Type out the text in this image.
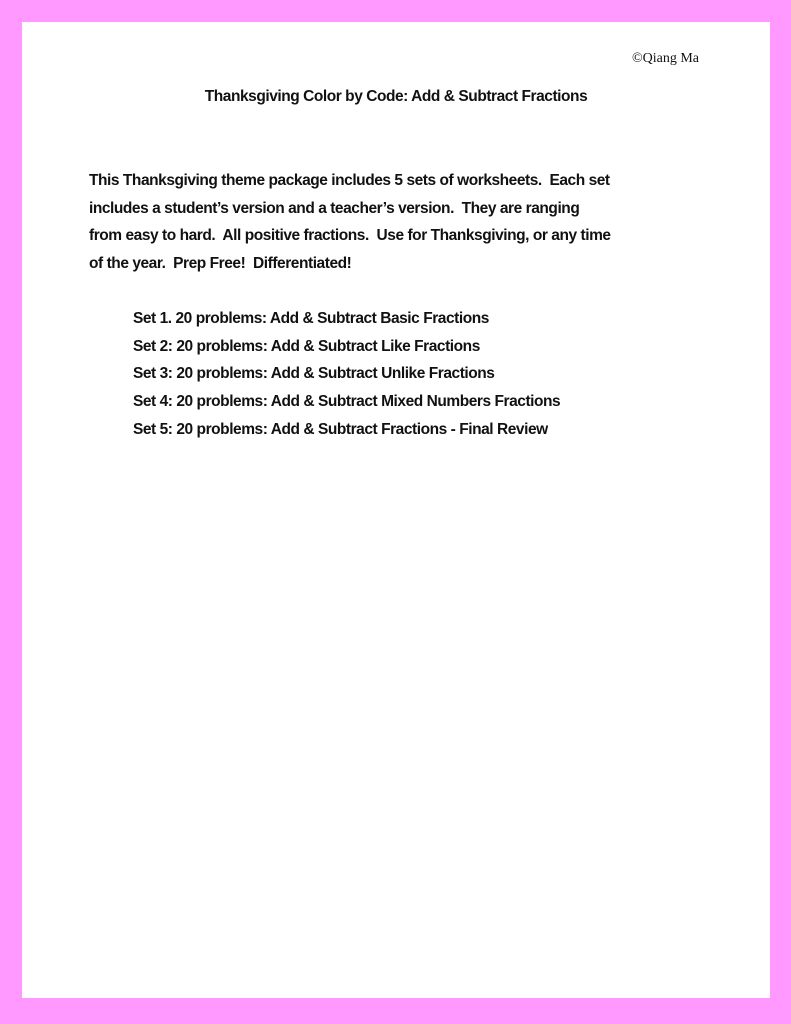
©Qiang Ma
Thanksgiving Color by Code: Add & Subtract Fractions
This Thanksgiving theme package includes 5 sets of worksheets.  Each set
includes a student’s version and a teacher’s version.  They are ranging
from easy to hard.  All positive fractions.  Use for Thanksgiving, or any time
of the year.  Prep Free!  Differentiated!
Set 1. 20 problems: Add & Subtract Basic Fractions
Set 2: 20 problems: Add & Subtract Like Fractions
Set 3: 20 problems: Add & Subtract Unlike Fractions
Set 4: 20 problems: Add & Subtract Mixed Numbers Fractions
Set 5: 20 problems: Add & Subtract Fractions - Final Review
